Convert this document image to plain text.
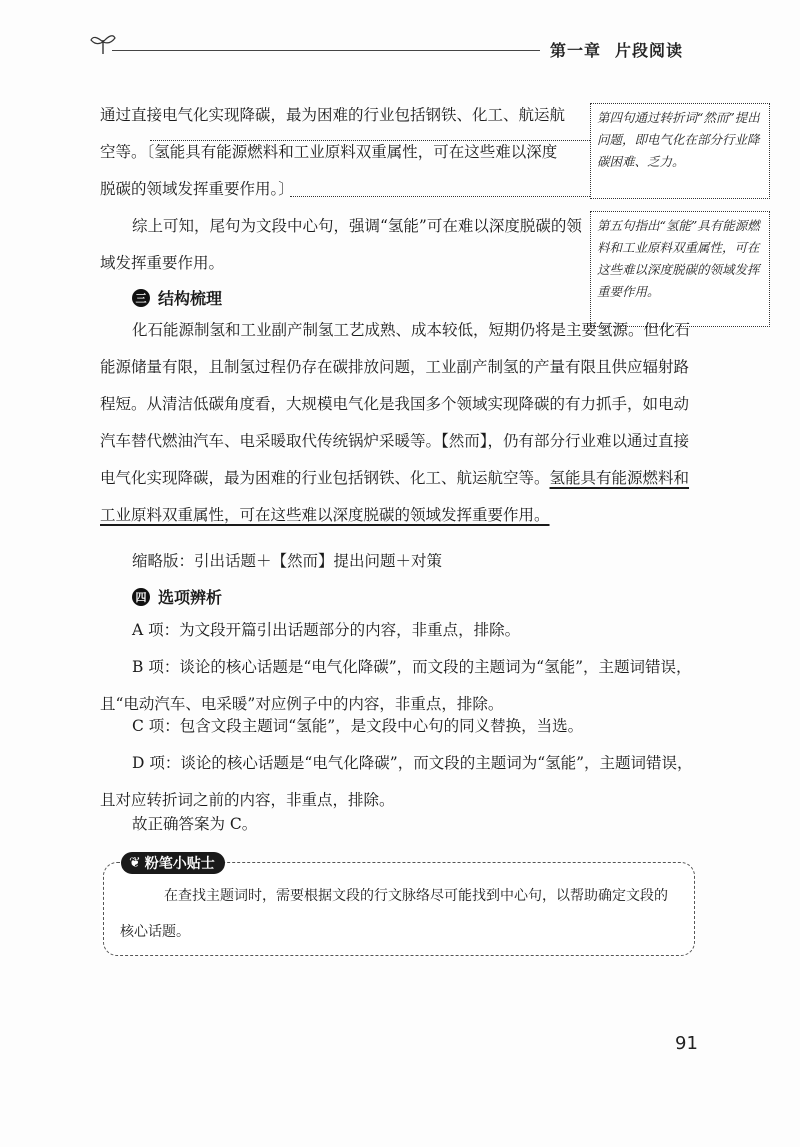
第一章 片段阅读
通过直接电气化实现降碳，最为困难的行业包括钢铁、化工、航运航
空等。〔氢能具有能源燃料和工业原料双重属性，可在这些难以深度
脱碳的领域发挥重要作用。〕
第四句通过转折词“然而”提出问题，即电气化在部分行业降碳困难、乏力。
第五句指出“氢能”具有能源燃料和工业原料双重属性，可在这些难以深度脱碳的领域发挥重要作用。
综上可知，尾句为文段中心句，强调“氢能”可在难以深度脱碳的领域发挥重要作用。
三 结构梳理
化石能源制氢和工业副产制氢工艺成熟、成本较低，短期仍将是主要氢源。但化石能源储量有限，且制氢过程仍存在碳排放问题，工业副产制氢的产量有限且供应辐射路程短。从清洁低碳角度看，大规模电气化是我国多个领域实现降碳的有力抓手，如电动汽车替代燃油汽车、电采暖取代传统锅炉采暖等。【然而】，仍有部分行业难以通过直接电气化实现降碳，最为困难的行业包括钢铁、化工、航运航空等。氢能具有能源燃料和工业原料双重属性，可在这些难以深度脱碳的领域发挥重要作用。
缩略版：引出话题＋【然而】提出问题＋对策
四 选项辨析
A 项：为文段开篇引出话题部分的内容，非重点，排除。
B 项：谈论的核心话题是“电气化降碳”，而文段的主题词为“氢能”，主题词错误，且“电动汽车、电采暖”对应例子中的内容，非重点，排除。
C 项：包含文段主题词“氢能”，是文段中心句的同义替换，当选。
D 项：谈论的核心话题是“电气化降碳”，而文段的主题词为“氢能”，主题词错误，且对应转折词之前的内容，非重点，排除。
故正确答案为 C。
❦ 粉笔小贴士
在查找主题词时，需要根据文段的行文脉络尽可能找到中心句，以帮助确定文段的核心话题。
91
